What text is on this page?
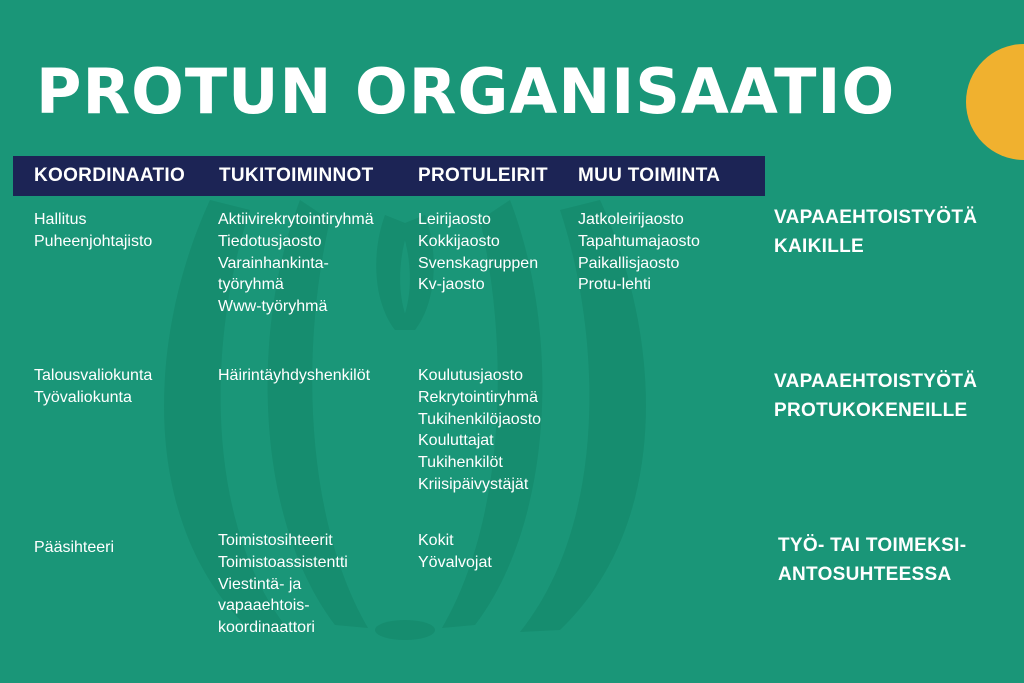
PROTUN ORGANISAATIO
KOORDINAATIO TUKITOIMINNOT PROTULEIRIT MUU TOIMINTA
Hallitus
Puheenjohtajisto
Aktiivirekrytointiryhmä
Tiedotusjaosto
Varainhankinta-
työryhmä
Www-työryhmä
Leirijaosto
Kokkijaosto
Svenskagruppen
Kv-jaosto
Jatkoleirijaosto
Tapahtumajaosto
Paikallisjaosto
Protu-lehti
VAPAAEHTOISTYÖTÄ
KAIKILLE
Talousvaliokunta
Työvaliokunta
Häirintäyhdyshenkilöt	Koulutusjaosto
Rekrytointiryhmä
Tukihenkilöjaosto
Kouluttajat
Tukihenkilöt
Kriisipäivystäjät
VAPAAEHTOISTYÖTÄ
PROTUKOKENEILLE
Pääsihteeri	Toimistosihteerit
Toimistoassistentti
Viestintä- ja
vapaaehtois-
koordinaattori
Kokit
Yövalvojat
TYÖ- TAI TOIMEKSI-
ANTOSUHTEESSA
